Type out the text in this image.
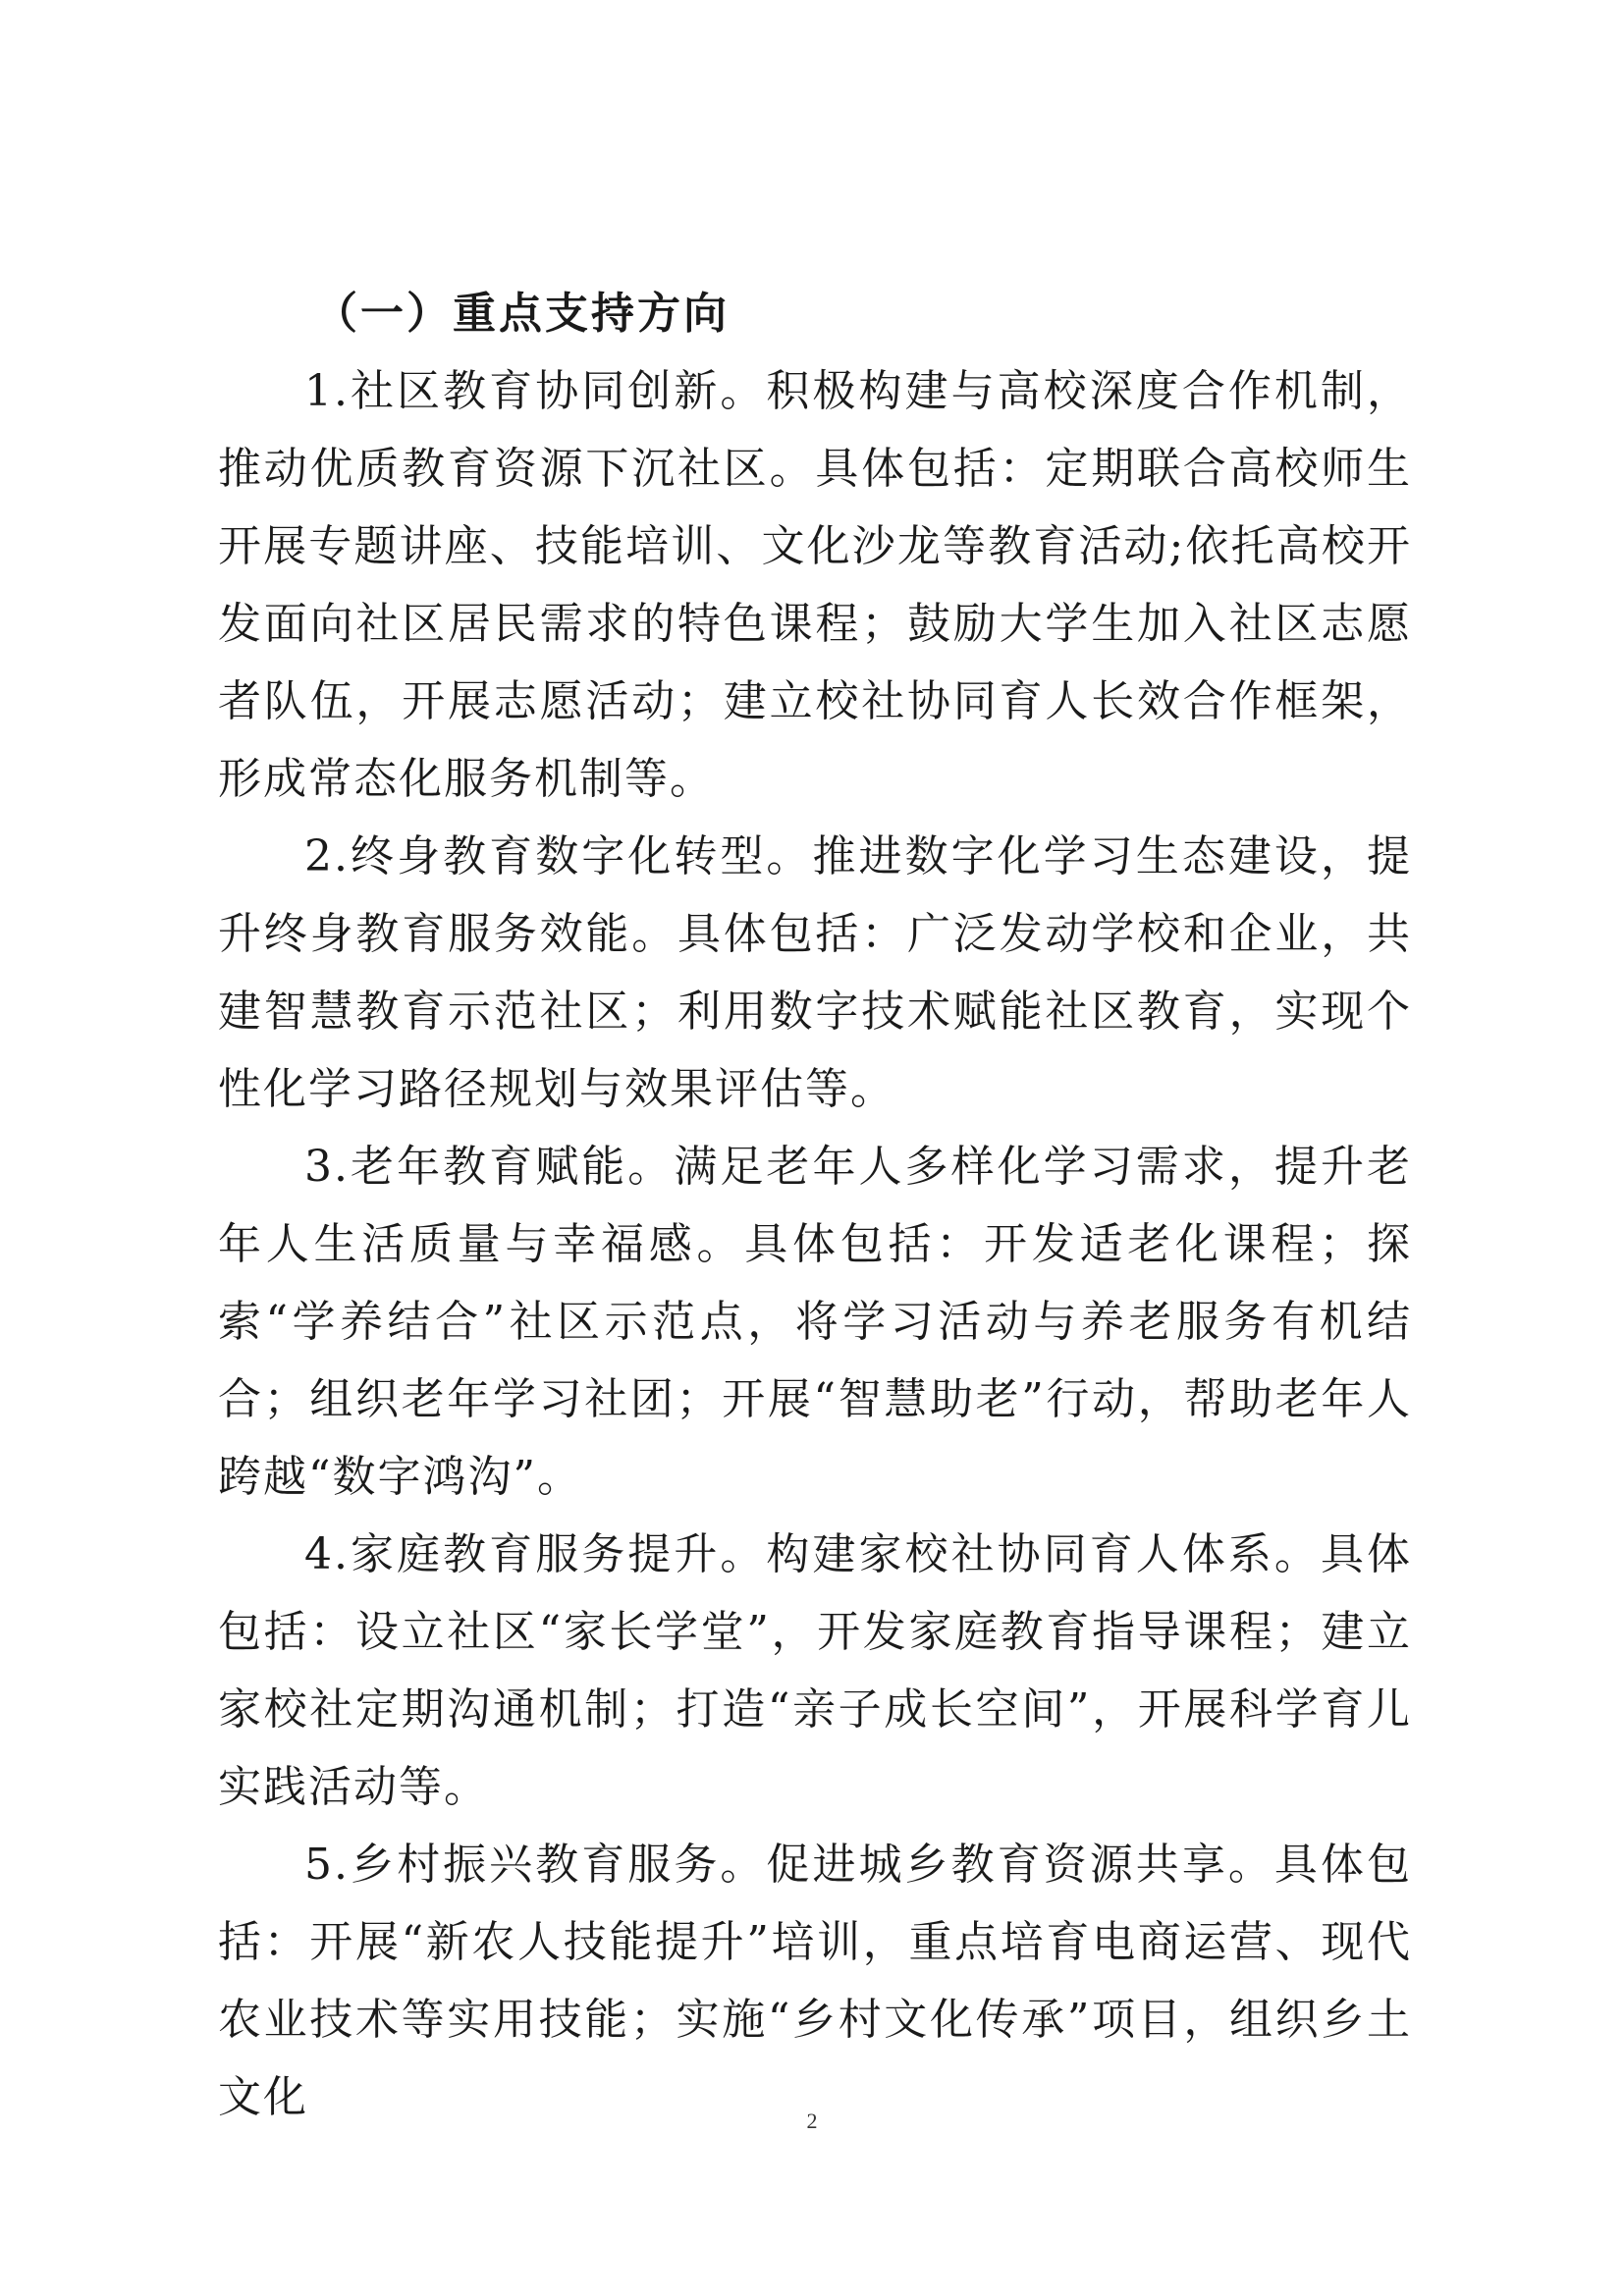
（一）重点支持方向

1.社区教育协同创新。积极构建与高校深度合作机制，推动优质教育资源下沉社区。具体包括：定期联合高校师生开展专题讲座、技能培训、文化沙龙等教育活动;依托高校开发面向社区居民需求的特色课程；鼓励大学生加入社区志愿者队伍，开展志愿活动；建立校社协同育人长效合作框架，形成常态化服务机制等。

2.终身教育数字化转型。推进数字化学习生态建设，提升终身教育服务效能。具体包括：广泛发动学校和企业，共建智慧教育示范社区；利用数字技术赋能社区教育，实现个性化学习路径规划与效果评估等。

3.老年教育赋能。满足老年人多样化学习需求，提升老年人生活质量与幸福感。具体包括：开发适老化课程；探索“学养结合”社区示范点，将学习活动与养老服务有机结合；组织老年学习社团；开展“智慧助老”行动，帮助老年人跨越“数字鸿沟”。

4.家庭教育服务提升。构建家校社协同育人体系。具体包括：设立社区“家长学堂”，开发家庭教育指导课程；建立家校社定期沟通机制；打造“亲子成长空间”，开展科学育儿实践活动等。

5.乡村振兴教育服务。促进城乡教育资源共享。具体包括：开展“新农人技能提升”培训，重点培育电商运营、现代农业技术等实用技能；实施“乡村文化传承”项目，组织乡土文化	2
